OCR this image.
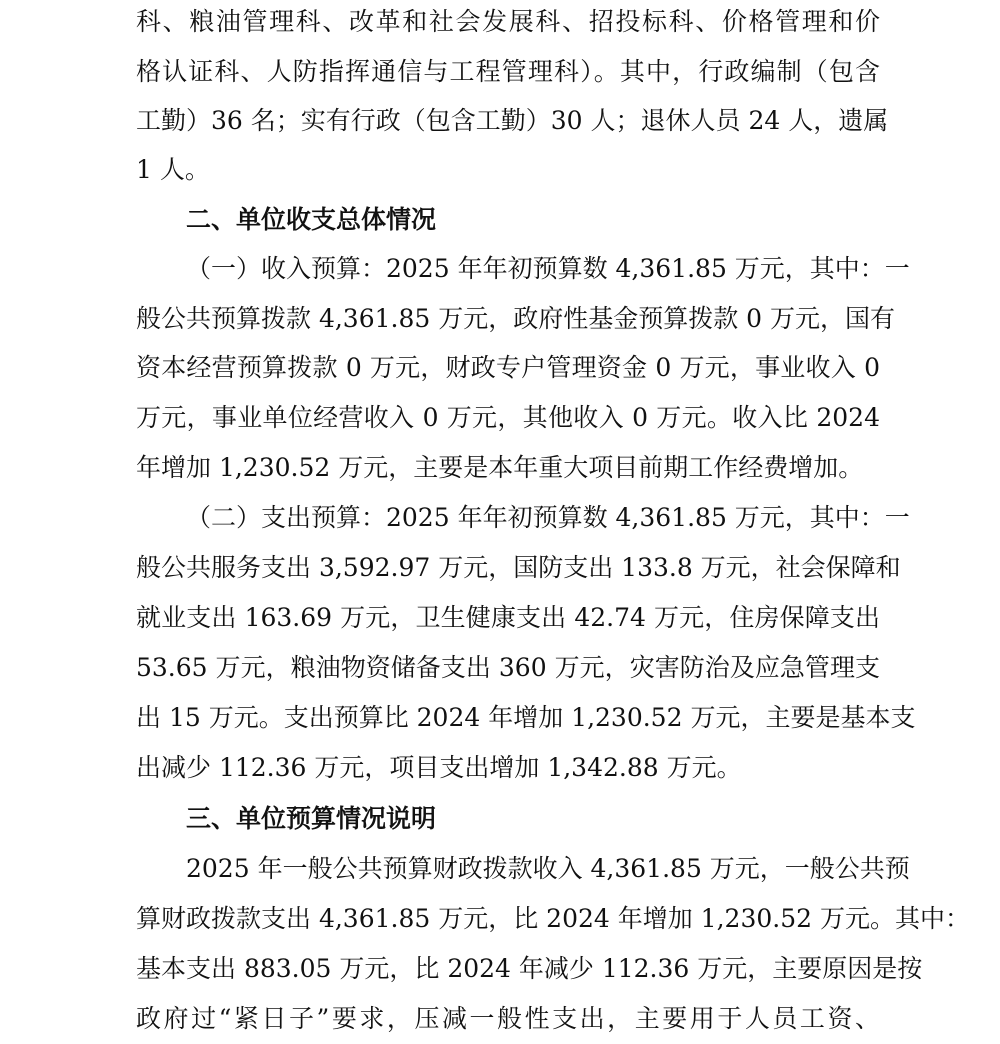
科、粮油管理科、改革和社会发展科、招投标科、价格管理和价
格认证科、人防指挥通信与工程管理科）。其中，行政编制（包含
工勤）36 名；实有行政（包含工勤）30 人；退休人员 24 人，遗属
1 人。
二、单位收支总体情况
（一）收入预算：2025 年年初预算数 4,361.85 万元，其中：一
般公共预算拨款 4,361.85 万元，政府性基金预算拨款 0 万元，国有
资本经营预算拨款 0 万元，财政专户管理资金 0 万元，事业收入 0
万元，事业单位经营收入 0 万元，其他收入 0 万元。收入比 2024
年增加 1,230.52 万元，主要是本年重大项目前期工作经费增加。
（二）支出预算：2025 年年初预算数 4,361.85 万元，其中：一
般公共服务支出 3,592.97 万元，国防支出 133.8 万元，社会保障和
就业支出 163.69 万元，卫生健康支出 42.74 万元，住房保障支出
53.65 万元，粮油物资储备支出 360 万元，灾害防治及应急管理支
出 15 万元。支出预算比 2024 年增加 1,230.52 万元，主要是基本支
出减少 112.36 万元，项目支出增加 1,342.88 万元。
三、单位预算情况说明
2025 年一般公共预算财政拨款收入 4,361.85 万元，一般公共预
算财政拨款支出 4,361.85 万元，比 2024 年增加 1,230.52 万元。其中：
基本支出 883.05 万元，比 2024 年减少 112.36 万元，主要原因是按
政府过“紧日子”要求，压减一般性支出，主要用于人员工资、
